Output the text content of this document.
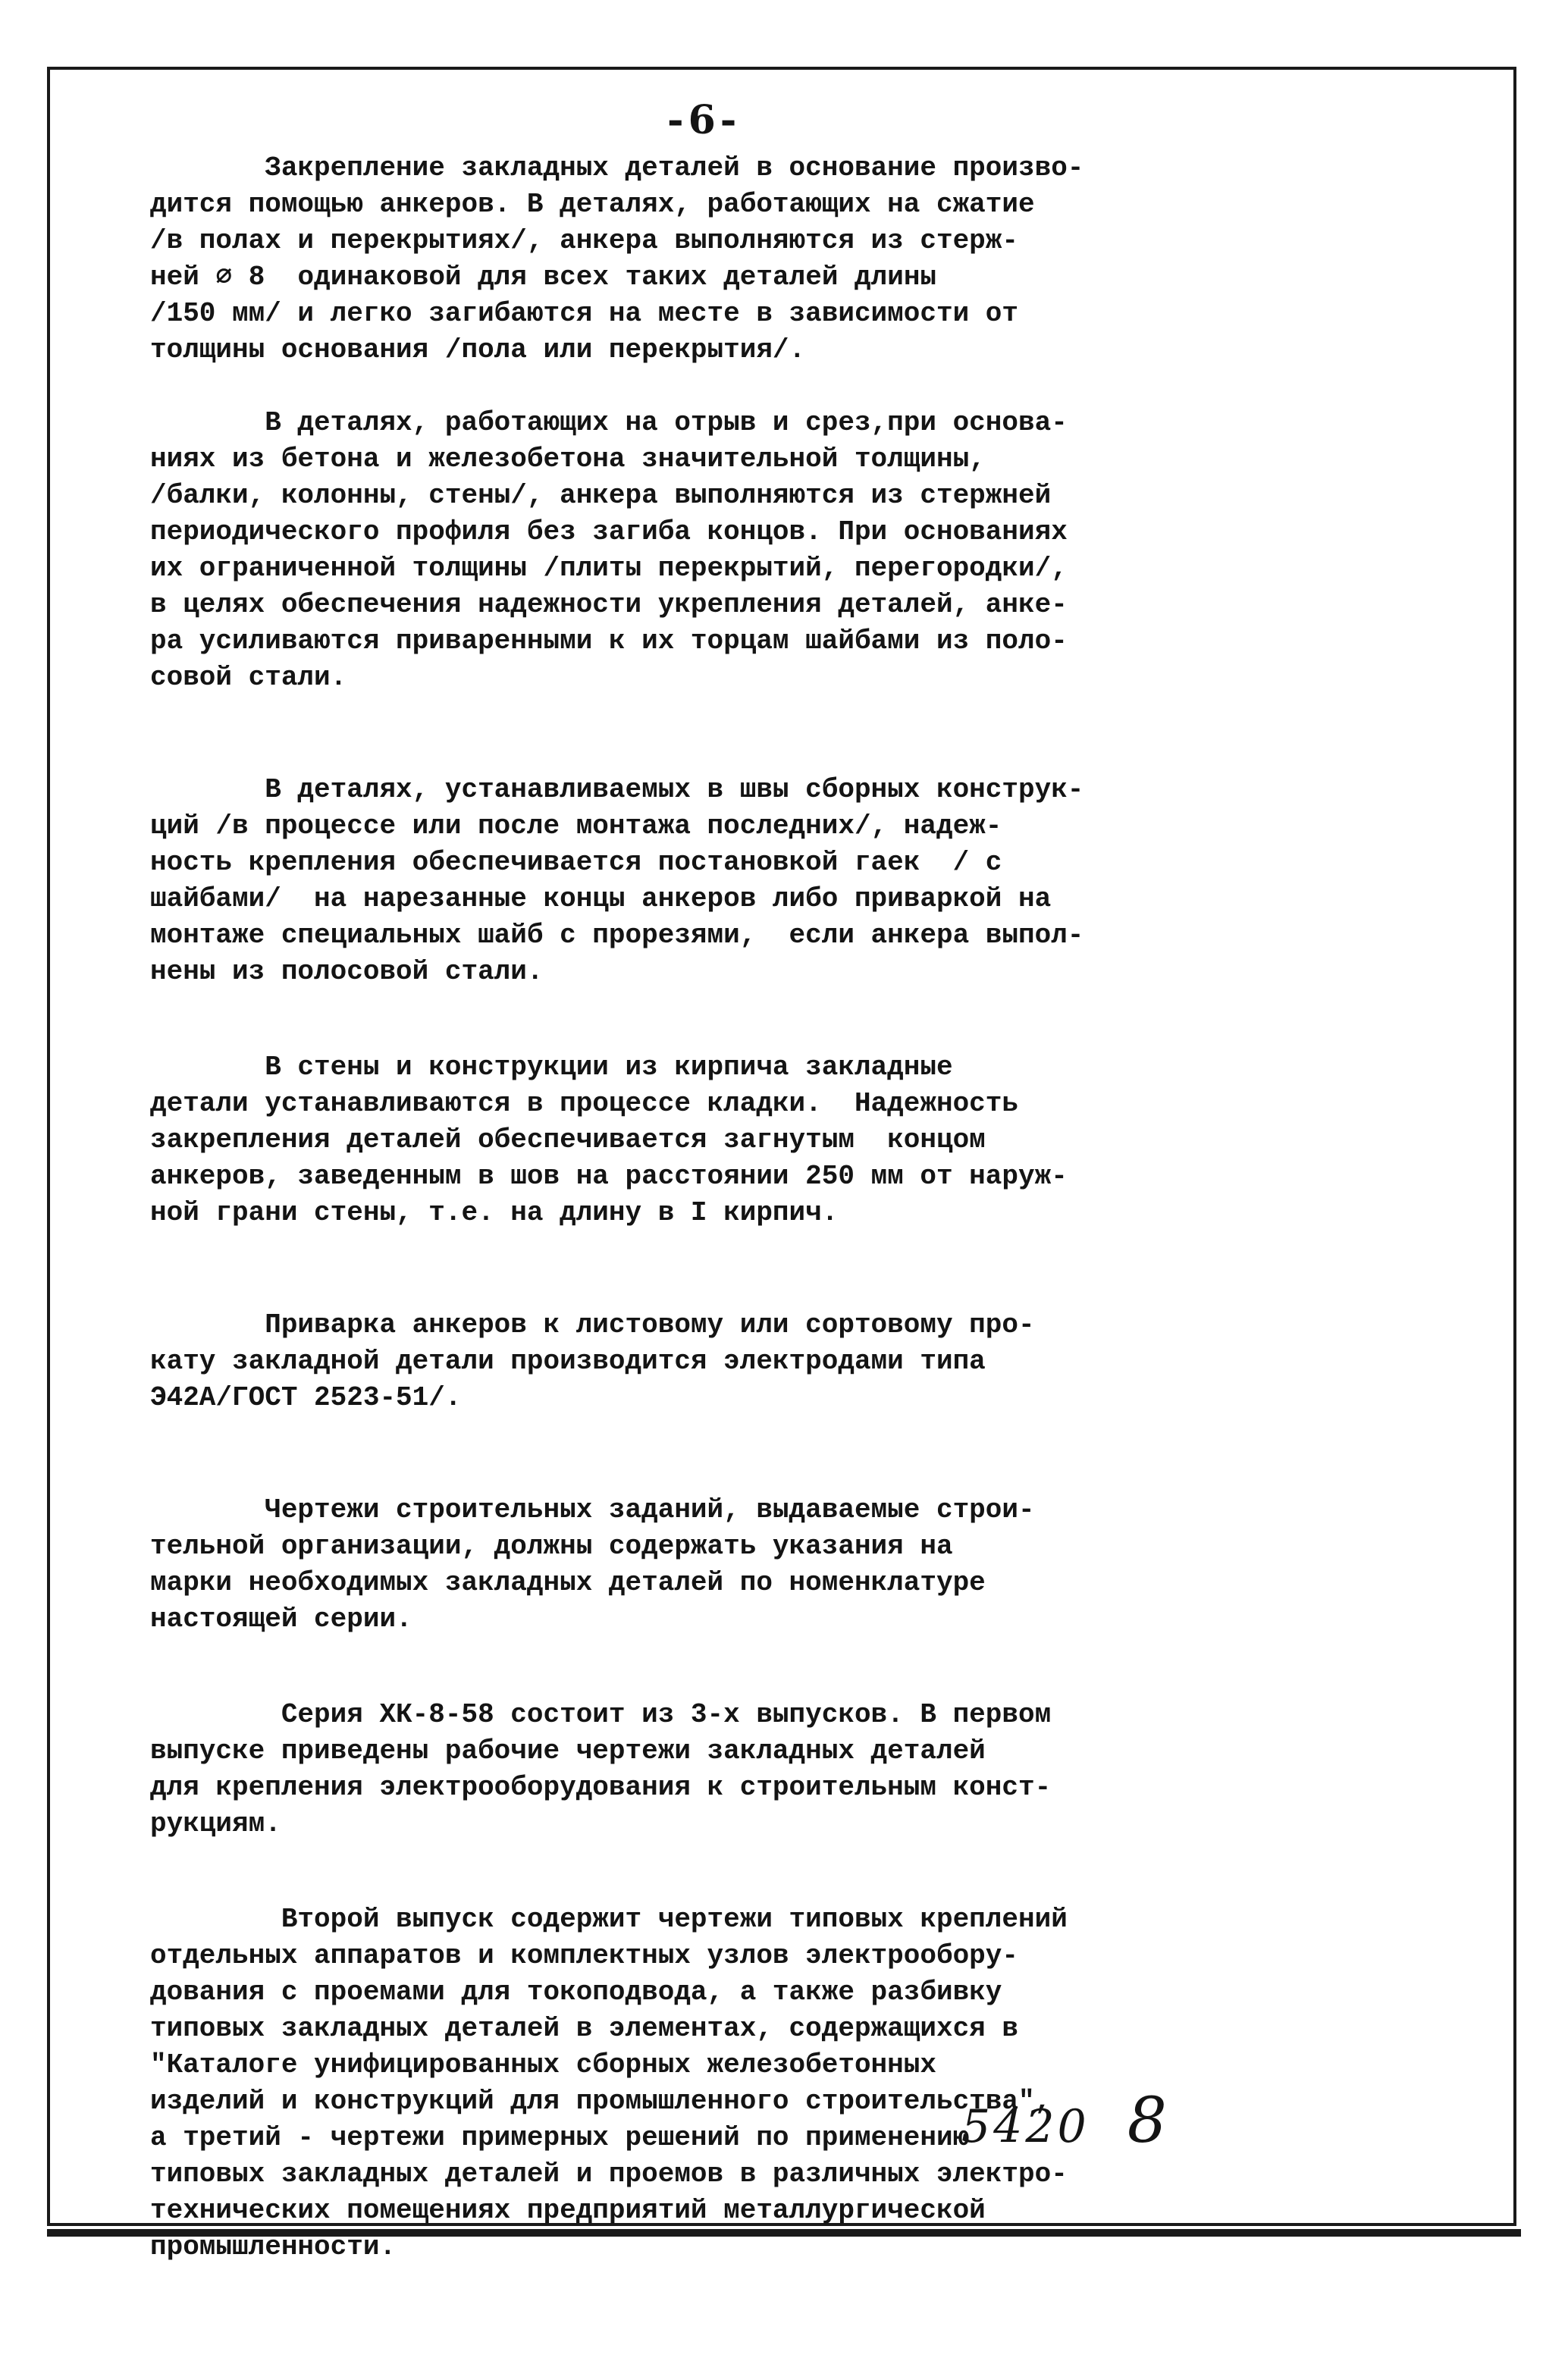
-6-
Закрепление закладных деталей в основание произво-
дится помощью анкеров. В деталях, работающих на сжатие
/в полах и перекрытиях/, анкера выполняются из стерж-
ней ∅ 8  одинаковой для всех таких деталей длины
/150 мм/ и легко загибаются на месте в зависимости от
толщины основания /пола или перекрытия/.
В деталях, работающих на отрыв и срез,при основа-
ниях из бетона и железобетона значительной толщины,
/балки, колонны, стены/, анкера выполняются из стержней
периодического профиля без загиба концов. При основаниях
их ограниченной толщины /плиты перекрытий, перегородки/,
в целях обеспечения надежности укрепления деталей, анке-
ра усиливаются приваренными к их торцам шайбами из поло-
совой стали.
В деталях, устанавливаемых в швы сборных конструк-
ций /в процессе или после монтажа последних/, надеж-
ность крепления обеспечивается постановкой гаек  / с
шайбами/  на нарезанные концы анкеров либо приваркой на
монтаже специальных шайб с прорезями,  если анкера выпол-
нены из полосовой стали.
В стены и конструкции из кирпича закладные
детали устанавливаются в процессе кладки.  Надежность
закрепления деталей обеспечивается загнутым  концом
анкеров, заведенным в шов на расстоянии 250 мм от наруж-
ной грани стены, т.е. на длину в I кирпич.
Приварка анкеров к листовому или сортовому про-
кату закладной детали производится электродами типа
Э42А/ГОСТ 2523-51/.
Чертежи строительных заданий, выдаваемые строи-
тельной организации, должны содержать указания на
марки необходимых закладных деталей по номенклатуре
настоящей серии.
Серия ХК-8-58 состоит из 3-х выпусков. В первом
выпуске приведены рабочие чертежи закладных деталей
для крепления электрооборудования к строительным конст-
рукциям.
Второй выпуск содержит чертежи типовых креплений
отдельных аппаратов и комплектных узлов электрообору-
дования с проемами для токоподвода, а также разбивку
типовых закладных деталей в элементах, содержащихся в
"Каталоге унифицированных сборных железобетонных
изделий и конструкций для промышленного строительства",
а третий - чертежи примерных решений по применению
типовых закладных деталей и проемов в различных электро-
технических помещениях предприятий металлургической
промышленности.
5420 8
